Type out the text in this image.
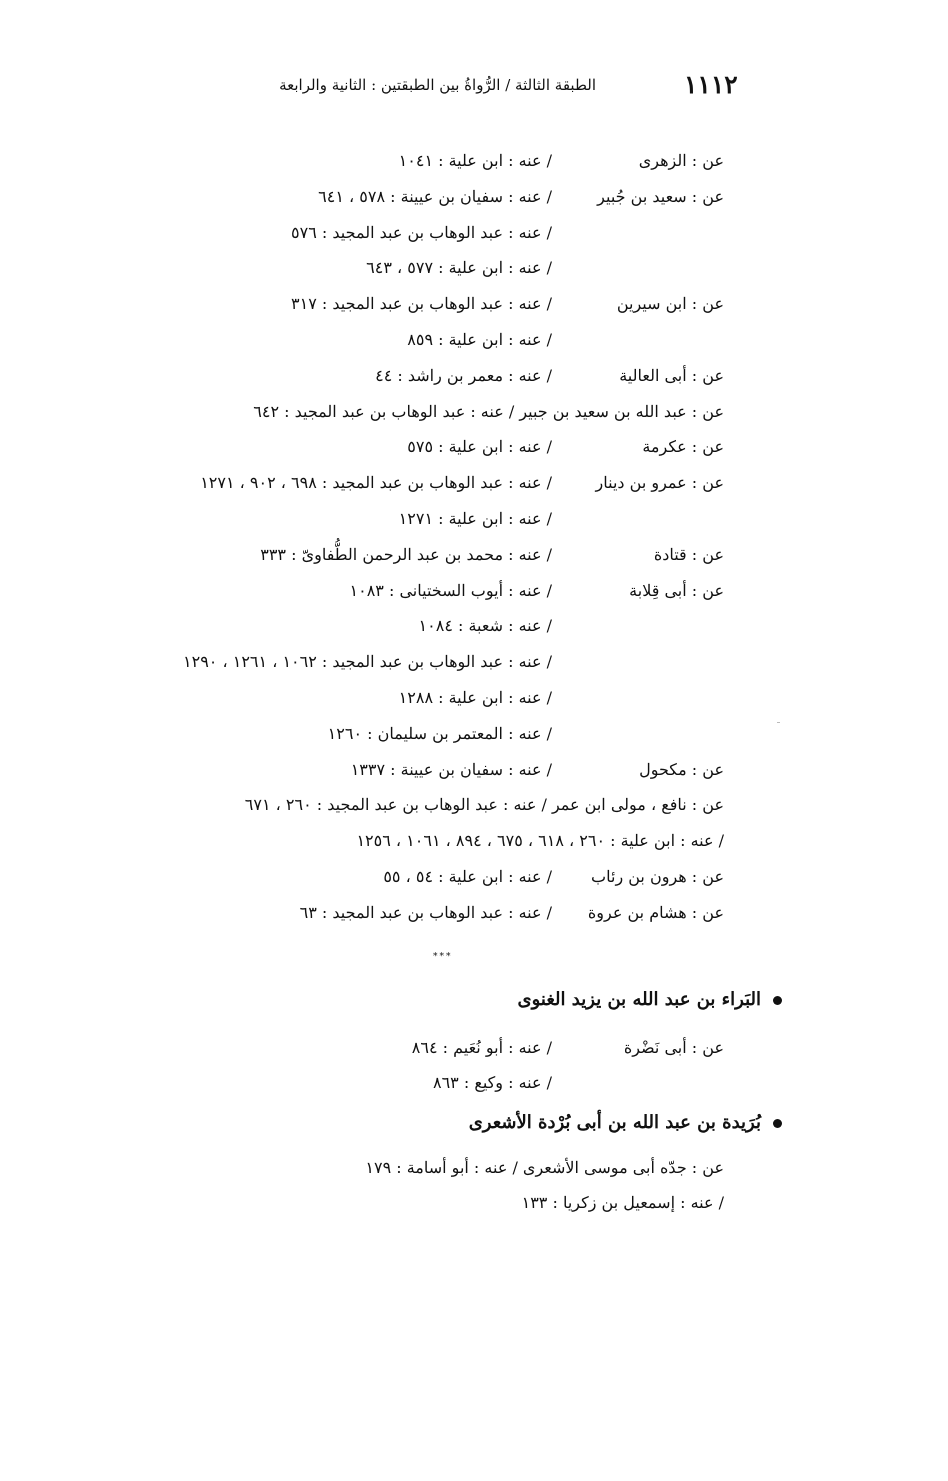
١١١٢
الطبقة الثالثة / الرُّواةُ بين الطبقتين : الثانية والرابعة
عن : الزهرى
/ عنه : ابن علية : ١٠٤١
عن : سعيد بن جُبير
/ عنه : سفيان بن عيينة : ٥٧٨ ، ٦٤١
/ عنه : عبد الوهاب بن عبد المجيد : ٥٧٦
/ عنه : ابن علية : ٥٧٧ ، ٦٤٣
عن : ابن سيرين
/ عنه : عبد الوهاب بن عبد المجيد : ٣١٧
/ عنه : ابن علية : ٨٥٩
عن : أبى العالية
/ عنه : معمر بن راشد : ٤٤
عن : عبد الله بن سعيد بن جبير / عنه : عبد الوهاب بن عبد المجيد : ٦٤٢
عن : عكرمة
/ عنه : ابن علية : ٥٧٥
عن : عمرو بن دينار
/ عنه : عبد الوهاب بن عبد المجيد : ٦٩٨ ، ٩٠٢ ، ١٢٧١
/ عنه : ابن علية : ١٢٧١
عن : قتادة
/ عنه : محمد بن عبد الرحمن الطُّفاوىّ : ٣٣٣
عن : أبى قِلابة
/ عنه : أيوب السختيانى : ١٠٨٣
/ عنه : شعبة : ١٠٨٤
/ عنه : عبد الوهاب بن عبد المجيد : ١٠٦٢ ، ١٢٦١ ، ١٢٩٠
/ عنه : ابن علية : ١٢٨٨
/ عنه : المعتمر بن سليمان : ١٢٦٠
عن : مكحول
/ عنه : سفيان بن عيينة : ١٣٣٧
عن : نافع ، مولى ابن عمر / عنه : عبد الوهاب بن عبد المجيد : ٢٦٠ ، ٦٧١
/ عنه : ابن علية : ٢٦٠ ، ٦١٨ ، ٦٧٥ ، ٨٩٤ ، ١٠٦١ ، ١٢٥٦
عن : هرون بن رئاب
/ عنه : ابن علية : ٥٤ ، ٥٥
عن : هشام بن عروة
/ عنه : عبد الوهاب بن عبد المجيد : ٦٣
***
البَراء بن عبد الله بن يزيد الغنوى
عن : أبى نَضْرة
/ عنه : أبو نُعَيم : ٨٦٤
/ عنه : وكيع : ٨٦٣
بُرَيدة بن عبد الله بن أبى بُرْدة الأشعرى
عن : جدّه أبى موسى الأشعرى / عنه : أبو أسامة : ١٧٩
/ عنه : إسمعيل بن زكريا : ١٣٣
